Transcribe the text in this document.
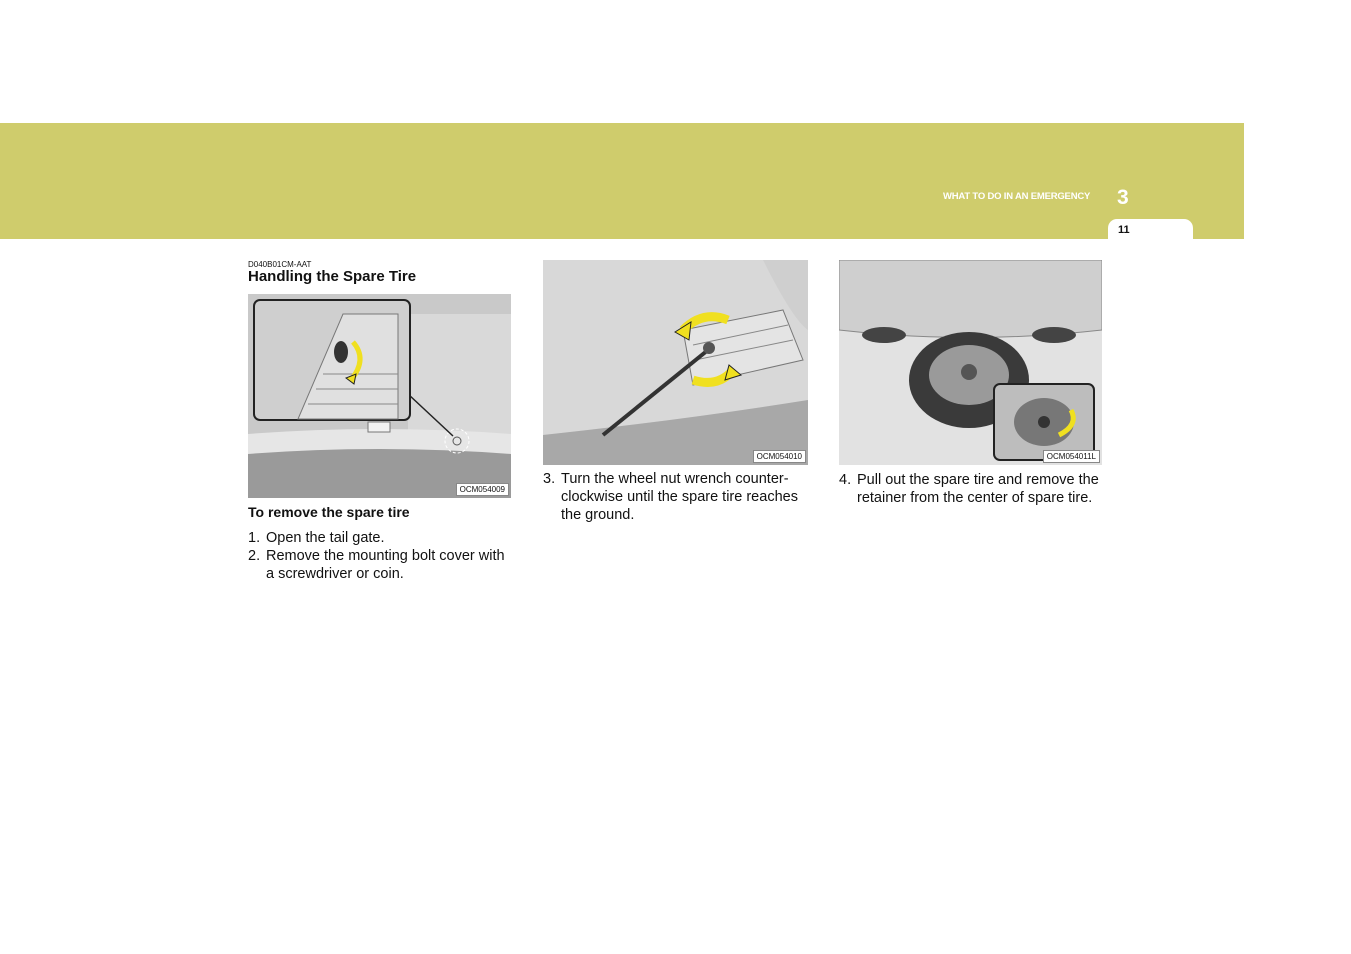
WHAT TO DO IN AN EMERGENCY 3
11
D040B01CM-AAT
Handling the Spare Tire
OCM054009
OCM054010	OCM054011L
To remove the spare tire
1. Open the tail gate.
2. Remove the mounting bolt cover with a screwdriver or coin.
3. Turn the wheel nut wrench counter-clockwise until the spare tire reaches the ground.
4. Pull out the spare tire and remove the retainer from the center of spare tire.
